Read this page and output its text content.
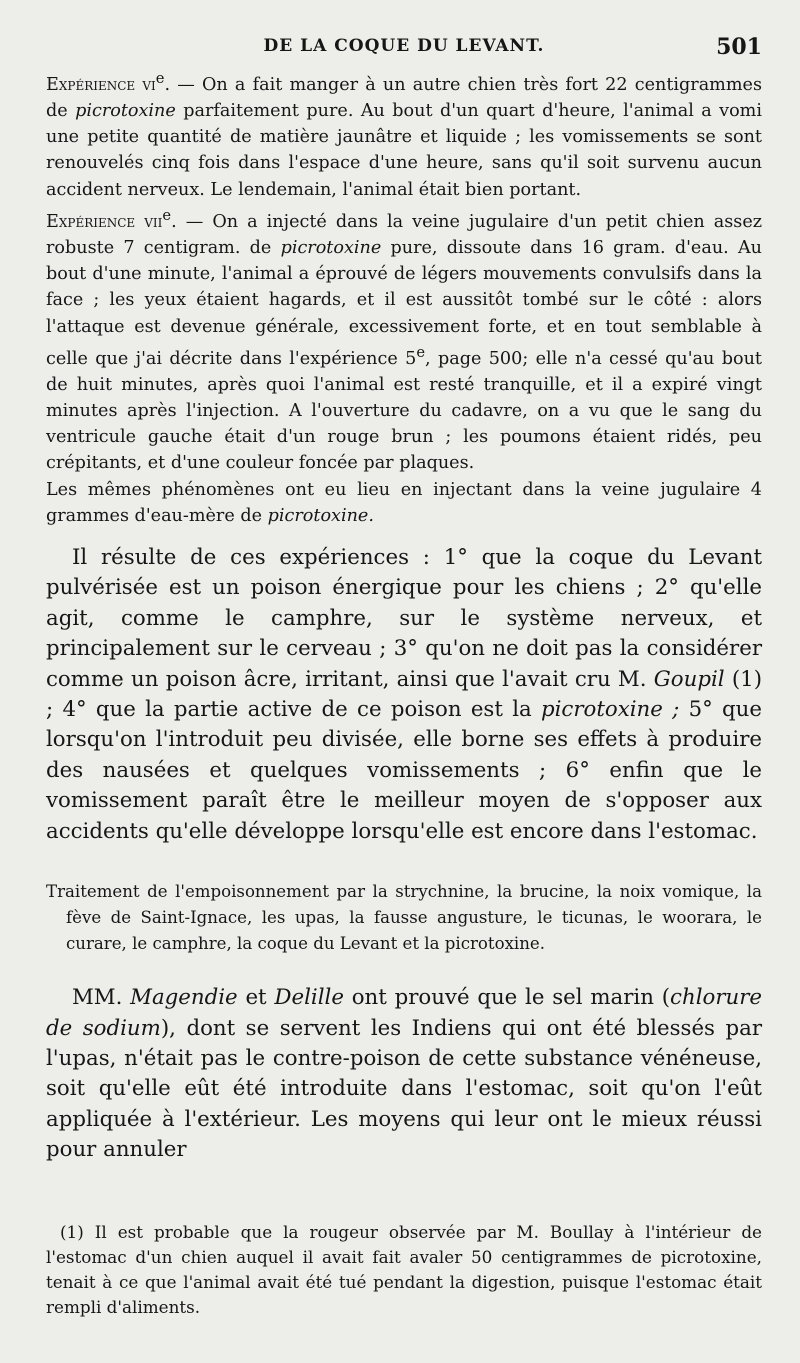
DE LA COQUE DU LEVANT.	501

Expérience $vi^e$. — On a fait manger à un autre chien très fort 22 centigrammes de picrotoxine parfaitement pure. Au bout d'un quart d'heure, l'animal a vomi une petite quantité de matière jaunâtre et liquide ; les vomissements se sont renouvelés cinq fois dans l'espace d'une heure, sans qu'il soit survenu aucun accident nerveux. Le lendemain, l'animal était bien portant.

Expérience vii$^e$. — On a injecté dans la veine jugulaire d'un petit chien assez robuste 7 centigram. de picrotoxine pure, dissoute dans 16 gram. d'eau. Au bout d'une minute, l'animal a éprouvé de légers mouvements convulsifs dans la face ; les yeux étaient hagards, et il est aussitôt tombé sur le côté : alors l'attaque est devenue générale, excessivement forte, et en tout semblable à celle que j'ai décrite dans l'expérience 5e, page 500; elle n'a cessé qu'au bout de huit minutes, après quoi l'animal est resté tranquille, et il a expiré vingt minutes après l'injection. A l'ouverture du cadavre, on a vu que le sang du ventricule gauche était d'un rouge brun ; les poumons étaient ridés, peu crépitants, et d'une couleur foncée par plaques.

Les mêmes phénomènes ont eu lieu en injectant dans la veine jugulaire 4 grammes d'eau-mère de picrotoxine.

Il résulte de ces expériences : 1° que la coque du Levant pulvérisée est un poison énergique pour les chiens ; 2° qu'elle agit, comme le camphre, sur le système nerveux, et principalement sur le cerveau ; 3° qu'on ne doit pas la considérer comme un poison âcre, irritant, ainsi que l'avait cru M. Goupil (1) ; 4° que la partie active de ce poison est la picrotoxine ; 5° que lorsqu'on l'introduit peu divisée, elle borne ses effets à produire des nausées et quelques vomissements ; 6° enfin que le vomissement paraît être le meilleur moyen de s'opposer aux accidents qu'elle développe lorsqu'elle est encore dans l'estomac.

Traitement de l'empoisonnement par la strychnine, la brucine, la noix vomique, la fève de Saint-Ignace, les upas, la fausse angusture, le ticunas, le woorara, le curare, le camphre, la coque du Levant et la picrotoxine.

MM. Magendie et Delille ont prouvé que le sel marin (chlorure de sodium), dont se servent les Indiens qui ont été blessés par l'upas, n'était pas le contre-poison de cette substance vénéneuse, soit qu'elle eût été introduite dans l'estomac, soit qu'on l'eût appliquée à l'extérieur. Les moyens qui leur ont le mieux réussi pour annuler

(1) Il est probable que la rougeur observée par M. Boullay à l'intérieur de l'estomac d'un chien auquel il avait fait avaler 50 centigrammes de picrotoxine, tenait à ce que l'animal avait été tué pendant la digestion, puisque l'estomac était rempli d'aliments.
